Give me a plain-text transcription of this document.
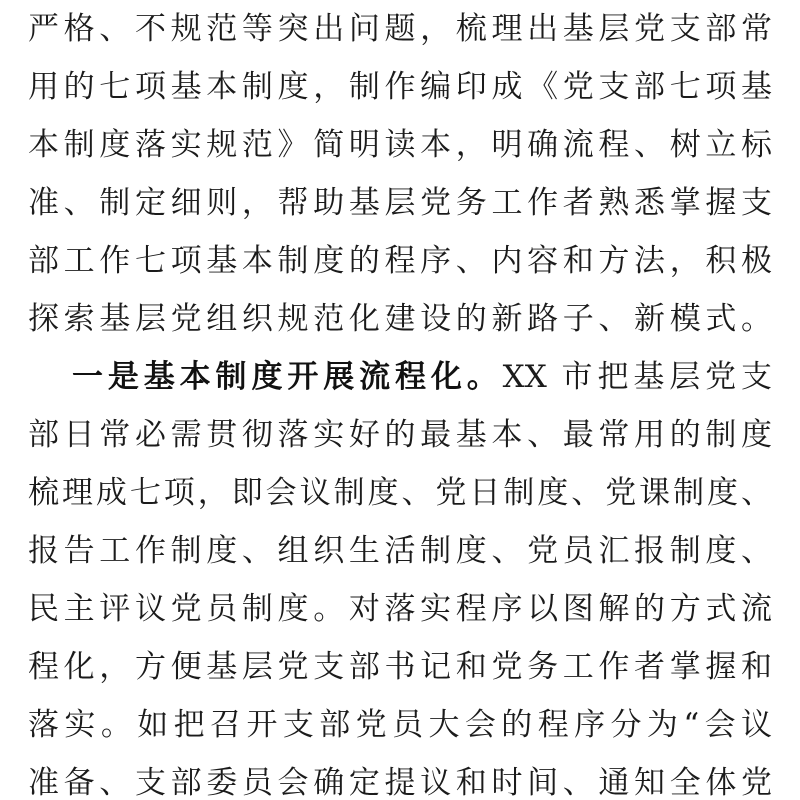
严格、不规范等突出问题，梳理出基层党支部常
用的七项基本制度，制作编印成《党支部七项基
本制度落实规范》简明读本，明确流程、树立标
准、制定细则，帮助基层党务工作者熟悉掌握支
部工作七项基本制度的程序、内容和方法，积极
探索基层党组织规范化建设的新路子、新模式。
一是基本制度开展流程化。XX 市把基层党支
部日常必需贯彻落实好的最基本、最常用的制度
梳理成七项，即会议制度、党日制度、党课制度、
报告工作制度、组织生活制度、党员汇报制度、
民主评议党员制度。对落实程序以图解的方式流
程化，方便基层党支部书记和党务工作者掌握和
落实。如把召开支部党员大会的程序分为“会议
准备、支部委员会确定提议和时间、通知全体党
